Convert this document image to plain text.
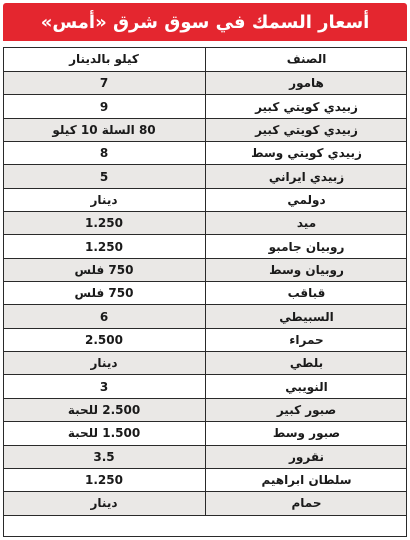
أسعار السمك في سوق شرق «أمس»
الصنف
كيلو بالدينار
هامور
7
زبيدي كويتي كبير
9
زبيدي كويتي كبير
80 السلة 10 كيلو
زبيدي كويتي وسط
8
زبيدي ايراني
5
دولمي
دينار
ميد
1.250
روبيان جامبو
1.250
روبيان وسط
750 فلس
قباقب
750 فلس
السبيطي
6
حمراء
2.500
بلطي
دينار
النويبي
3
صبور كبير
2.500 للحبة
صبور وسط
1.500 للحبة
نقرور
3.5
سلطان ابراهيم
1.250
حمام
دينار
